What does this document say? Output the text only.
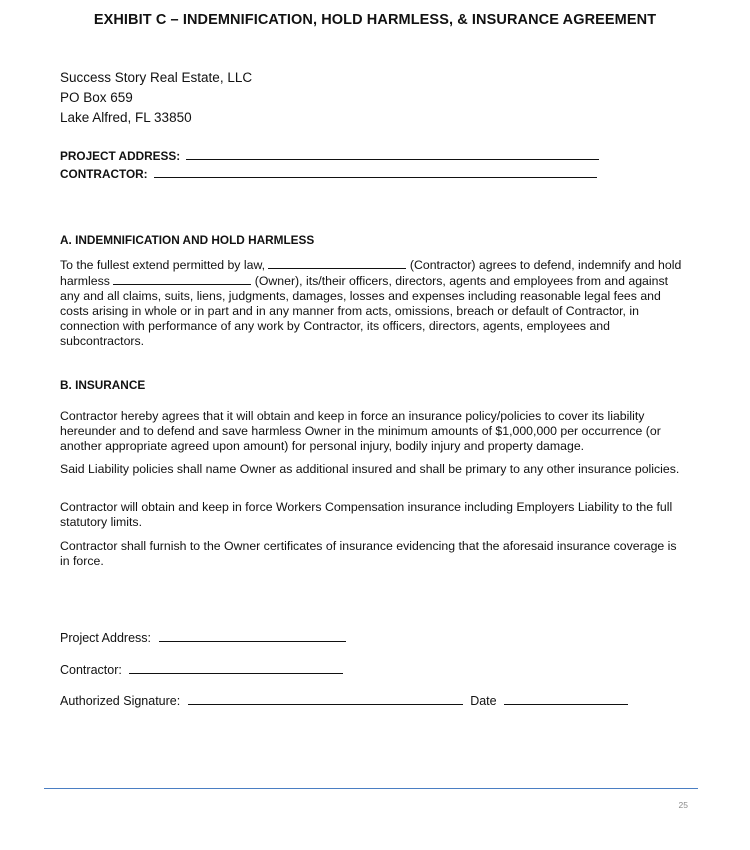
EXHIBIT C – INDEMNIFICATION, HOLD HARMLESS, & INSURANCE AGREEMENT
Success Story Real Estate, LLC
PO Box 659
Lake Alfred, FL 33850
PROJECT ADDRESS:
CONTRACTOR:
A. INDEMNIFICATION AND HOLD HARMLESS

To the fullest extend permitted by law,	(Contractor) agrees to defend, indemnify and hold harmless	(Owner), its/their officers, directors, agents and employees from and against any and all claims, suits, liens, judgments, damages, losses and expenses including reasonable legal fees and costs arising in whole or in part and in any manner from acts, omissions, breach or default of Contractor, in connection with performance of any work by Contractor, its officers, directors, agents, employees and subcontractors.

B. INSURANCE

Contractor hereby agrees that it will obtain and keep in force an insurance policy/policies to cover its liability hereunder and to defend and save harmless Owner in the minimum amounts of $1,000,000 per occurrence (or another appropriate agreed upon amount) for personal injury, bodily injury and property damage.

Said Liability policies shall name Owner as additional insured and shall be primary to any other insurance policies.

Contractor will obtain and keep in force Workers Compensation insurance including Employers Liability to the full statutory limits.

Contractor shall furnish to the Owner certificates of insurance evidencing that the aforesaid insurance coverage is in force.

Project Address:
Contractor:
Authorized Signature:	Date
25
